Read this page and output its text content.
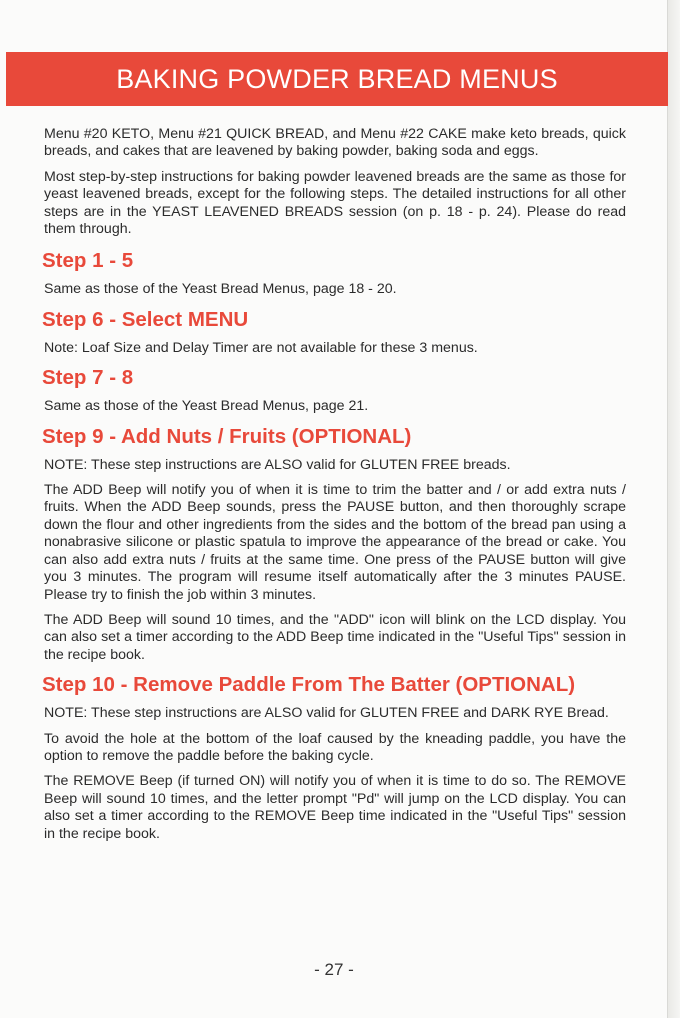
BAKING POWDER BREAD MENUS

Menu #20 KETO, Menu #21 QUICK BREAD, and Menu #22 CAKE make keto breads, quick breads, and cakes that are leavened by baking powder, baking soda and eggs.

Most step-by-step instructions for baking powder leavened breads are the same as those for yeast leavened breads, except for the following steps. The detailed instructions for all other steps are in the YEAST LEAVENED BREADS session (on p. 18 - p. 24). Please do read them through.

Step 1 - 5

Same as those of the Yeast Bread Menus, page 18 - 20.

Step 6 - Select MENU

Note: Loaf Size and Delay Timer are not available for these 3 menus.

Step 7 - 8

Same as those of the Yeast Bread Menus, page 21.

Step 9 - Add Nuts / Fruits (OPTIONAL)

NOTE: These step instructions are ALSO valid for GLUTEN FREE breads.

The ADD Beep will notify you of when it is time to trim the batter and / or add extra nuts / fruits. When the ADD Beep sounds, press the PAUSE button, and then thoroughly scrape down the flour and other ingredients from the sides and the bottom of the bread pan using a nonabrasive silicone or plastic spatula to improve the appearance of the bread or cake. You can also add extra nuts / fruits at the same time. One press of the PAUSE button will give you 3 minutes. The program will resume itself automatically after the 3 minutes PAUSE. Please try to finish the job within 3 minutes.

The ADD Beep will sound 10 times, and the "ADD" icon will blink on the LCD display. You can also set a timer according to the ADD Beep time indicated in the "Useful Tips" session in the recipe book.

Step 10 - Remove Paddle From The Batter (OPTIONAL)

NOTE: These step instructions are ALSO valid for GLUTEN FREE and DARK RYE Bread.

To avoid the hole at the bottom of the loaf caused by the kneading paddle, you have the option to remove the paddle before the baking cycle.

The REMOVE Beep (if turned ON) will notify you of when it is time to do so. The REMOVE Beep will sound 10 times, and the letter prompt "Pd" will jump on the LCD display. You can also set a timer according to the REMOVE Beep time indicated in the "Useful Tips" session in the recipe book.

- 27 -
